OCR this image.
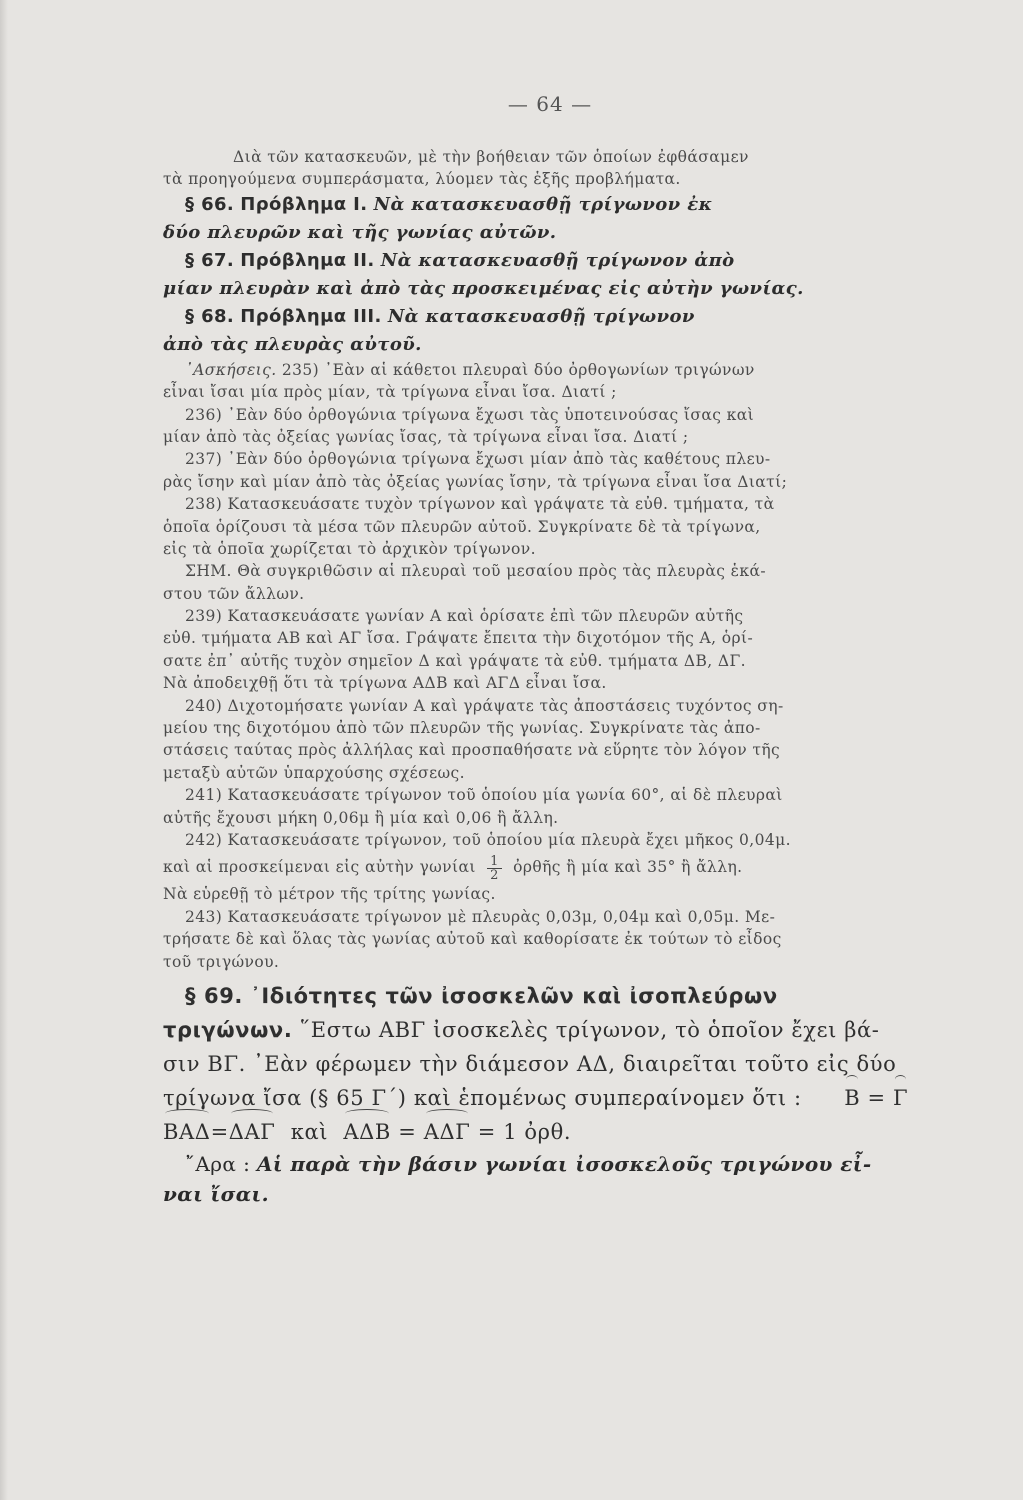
— 64 —
Διὰ τῶν κατασκευῶν, μὲ τὴν βοήθειαν τῶν ὁποίων ἐφθάσαμεν
τὰ προηγούμενα συμπεράσματα, λύομεν τὰς ἑξῆς προβλήματα.
§ 66. Πρόβλημα I. Νὰ κατασκευασθῇ τρίγωνον ἐκ
δύο πλευρῶν καὶ τῆς γωνίας αὐτῶν.
§ 67. Πρόβλημα II. Νὰ κατασκευασθῇ τρίγωνον ἀπὸ
μίαν πλευρὰν καὶ ἀπὸ τὰς προσκειμένας εἰς αὐτὴν γωνίας.
§ 68. Πρόβλημα III. Νὰ κατασκευασθῇ τρίγωνον
ἀπὸ τὰς πλευρὰς αὐτοῦ.
᾿Ασκήσεις. 235) ᾿Εὰν αἱ κάθετοι πλευραὶ δύο ὀρθογωνίων τριγώνων
εἶναι ἴσαι μία πρὸς μίαν, τὰ τρίγωνα εἶναι ἴσα. Διατί ;
236) ᾿Εὰν δύο ὀρθογώνια τρίγωνα ἔχωσι τὰς ὑποτεινούσας ἴσας καὶ
μίαν ἀπὸ τὰς ὀξείας γωνίας ἴσας, τὰ τρίγωνα εἶναι ἴσα. Διατί ;
237) ᾿Εὰν δύο ὀρθογώνια τρίγωνα ἔχωσι μίαν ἀπὸ τὰς καθέτους πλευ-
ρὰς ἴσην καὶ μίαν ἀπὸ τὰς ὀξείας γωνίας ἴσην, τὰ τρίγωνα εἶναι ἴσα Διατί;
238) Κατασκευάσατε τυχὸν τρίγωνον καὶ γράψατε τὰ εὐθ. τμήματα, τὰ
ὁποῖα ὁρίζουσι τὰ μέσα τῶν πλευρῶν αὐτοῦ. Συγκρίνατε δὲ τὰ τρίγωνα,
εἰς τὰ ὁποῖα χωρίζεται τὸ ἀρχικὸν τρίγωνον.
ΣΗΜ. Θὰ συγκριθῶσιν αἱ πλευραὶ τοῦ μεσαίου πρὸς τὰς πλευρὰς ἑκά-
στου τῶν ἄλλων.
239) Κατασκευάσατε γωνίαν Α καὶ ὁρίσατε ἐπὶ τῶν πλευρῶν αὐτῆς
εὐθ. τμήματα ΑΒ καὶ ΑΓ ἴσα. Γράψατε ἔπειτα τὴν διχοτόμον τῆς Α, ὁρί-
σατε ἐπ᾿ αὐτῆς τυχὸν σημεῖον Δ καὶ γράψατε τὰ εὐθ. τμήματα ΔΒ, ΔΓ.
Νὰ ἀποδειχθῇ ὅτι τὰ τρίγωνα ΑΔΒ καὶ ΑΓΔ εἶναι ἴσα.
240) Διχοτομήσατε γωνίαν Α καὶ γράψατε τὰς ἀποστάσεις τυχόντος ση-
μείου της διχοτόμου ἀπὸ τῶν πλευρῶν τῆς γωνίας. Συγκρίνατε τὰς ἀπο-
στάσεις ταύτας πρὸς ἀλλήλας καὶ προσπαθήσατε νὰ εὕρητε τὸν λόγον τῆς
μεταξὺ αὐτῶν ὑπαρχούσης σχέσεως.
241) Κατασκευάσατε τρίγωνον τοῦ ὁποίου μία γωνία 60°, αἱ δὲ πλευραὶ
αὐτῆς ἔχουσι μήκη 0,06μ ἢ μία καὶ 0,06 ἢ ἄλλη.
242) Κατασκευάσατε τρίγωνον, τοῦ ὁποίου μία πλευρὰ ἔχει μῆκος 0,04μ.
καὶ αἱ προσκείμεναι εἰς αὐτὴν γωνίαι $\frac{1}{2}$ ὀρθῆς ἢ μία καὶ 35° ἢ ἄλλη.
Νὰ εὑρεθῇ τὸ μέτρον τῆς τρίτης γωνίας.
243) Κατασκευάσατε τρίγωνον μὲ πλευρὰς 0,03μ, 0,04μ καὶ 0,05μ. Με-
τρήσατε δὲ καὶ ὅλας τὰς γωνίας αὐτοῦ καὶ καθορίσατε ἐκ τούτων τὸ εἶδος
τοῦ τριγώνου.
§ 69. ᾿Ιδιότητες τῶν ἰσοσκελῶν καὶ ἰσοπλεύρων
τριγώνων. ῞Εστω ΑΒΓ ἰσοσκελὲς τρίγωνον, τὸ ὁποῖον ἔχει βά-
σιν ΒΓ. ᾿Εὰν φέρωμεν τὴν διάμεσον ΑΔ, διαιρεῖται τοῦτο εἰς δύο
τρίγωνα ἴσα (§ 65 Γ΄) καὶ ἑπομένως συμπεραίνομεν ὅτι : Β = Γ
ΒΑΔ=ΔΑΓ καὶ ΑΔΒ = ΑΔΓ = 1 ὀρθ.
῎Αρα : Αἱ παρὰ τὴν βάσιν γωνίαι ἰσοσκελοῦς τριγώνου εἶ-
ναι ἴσαι.
